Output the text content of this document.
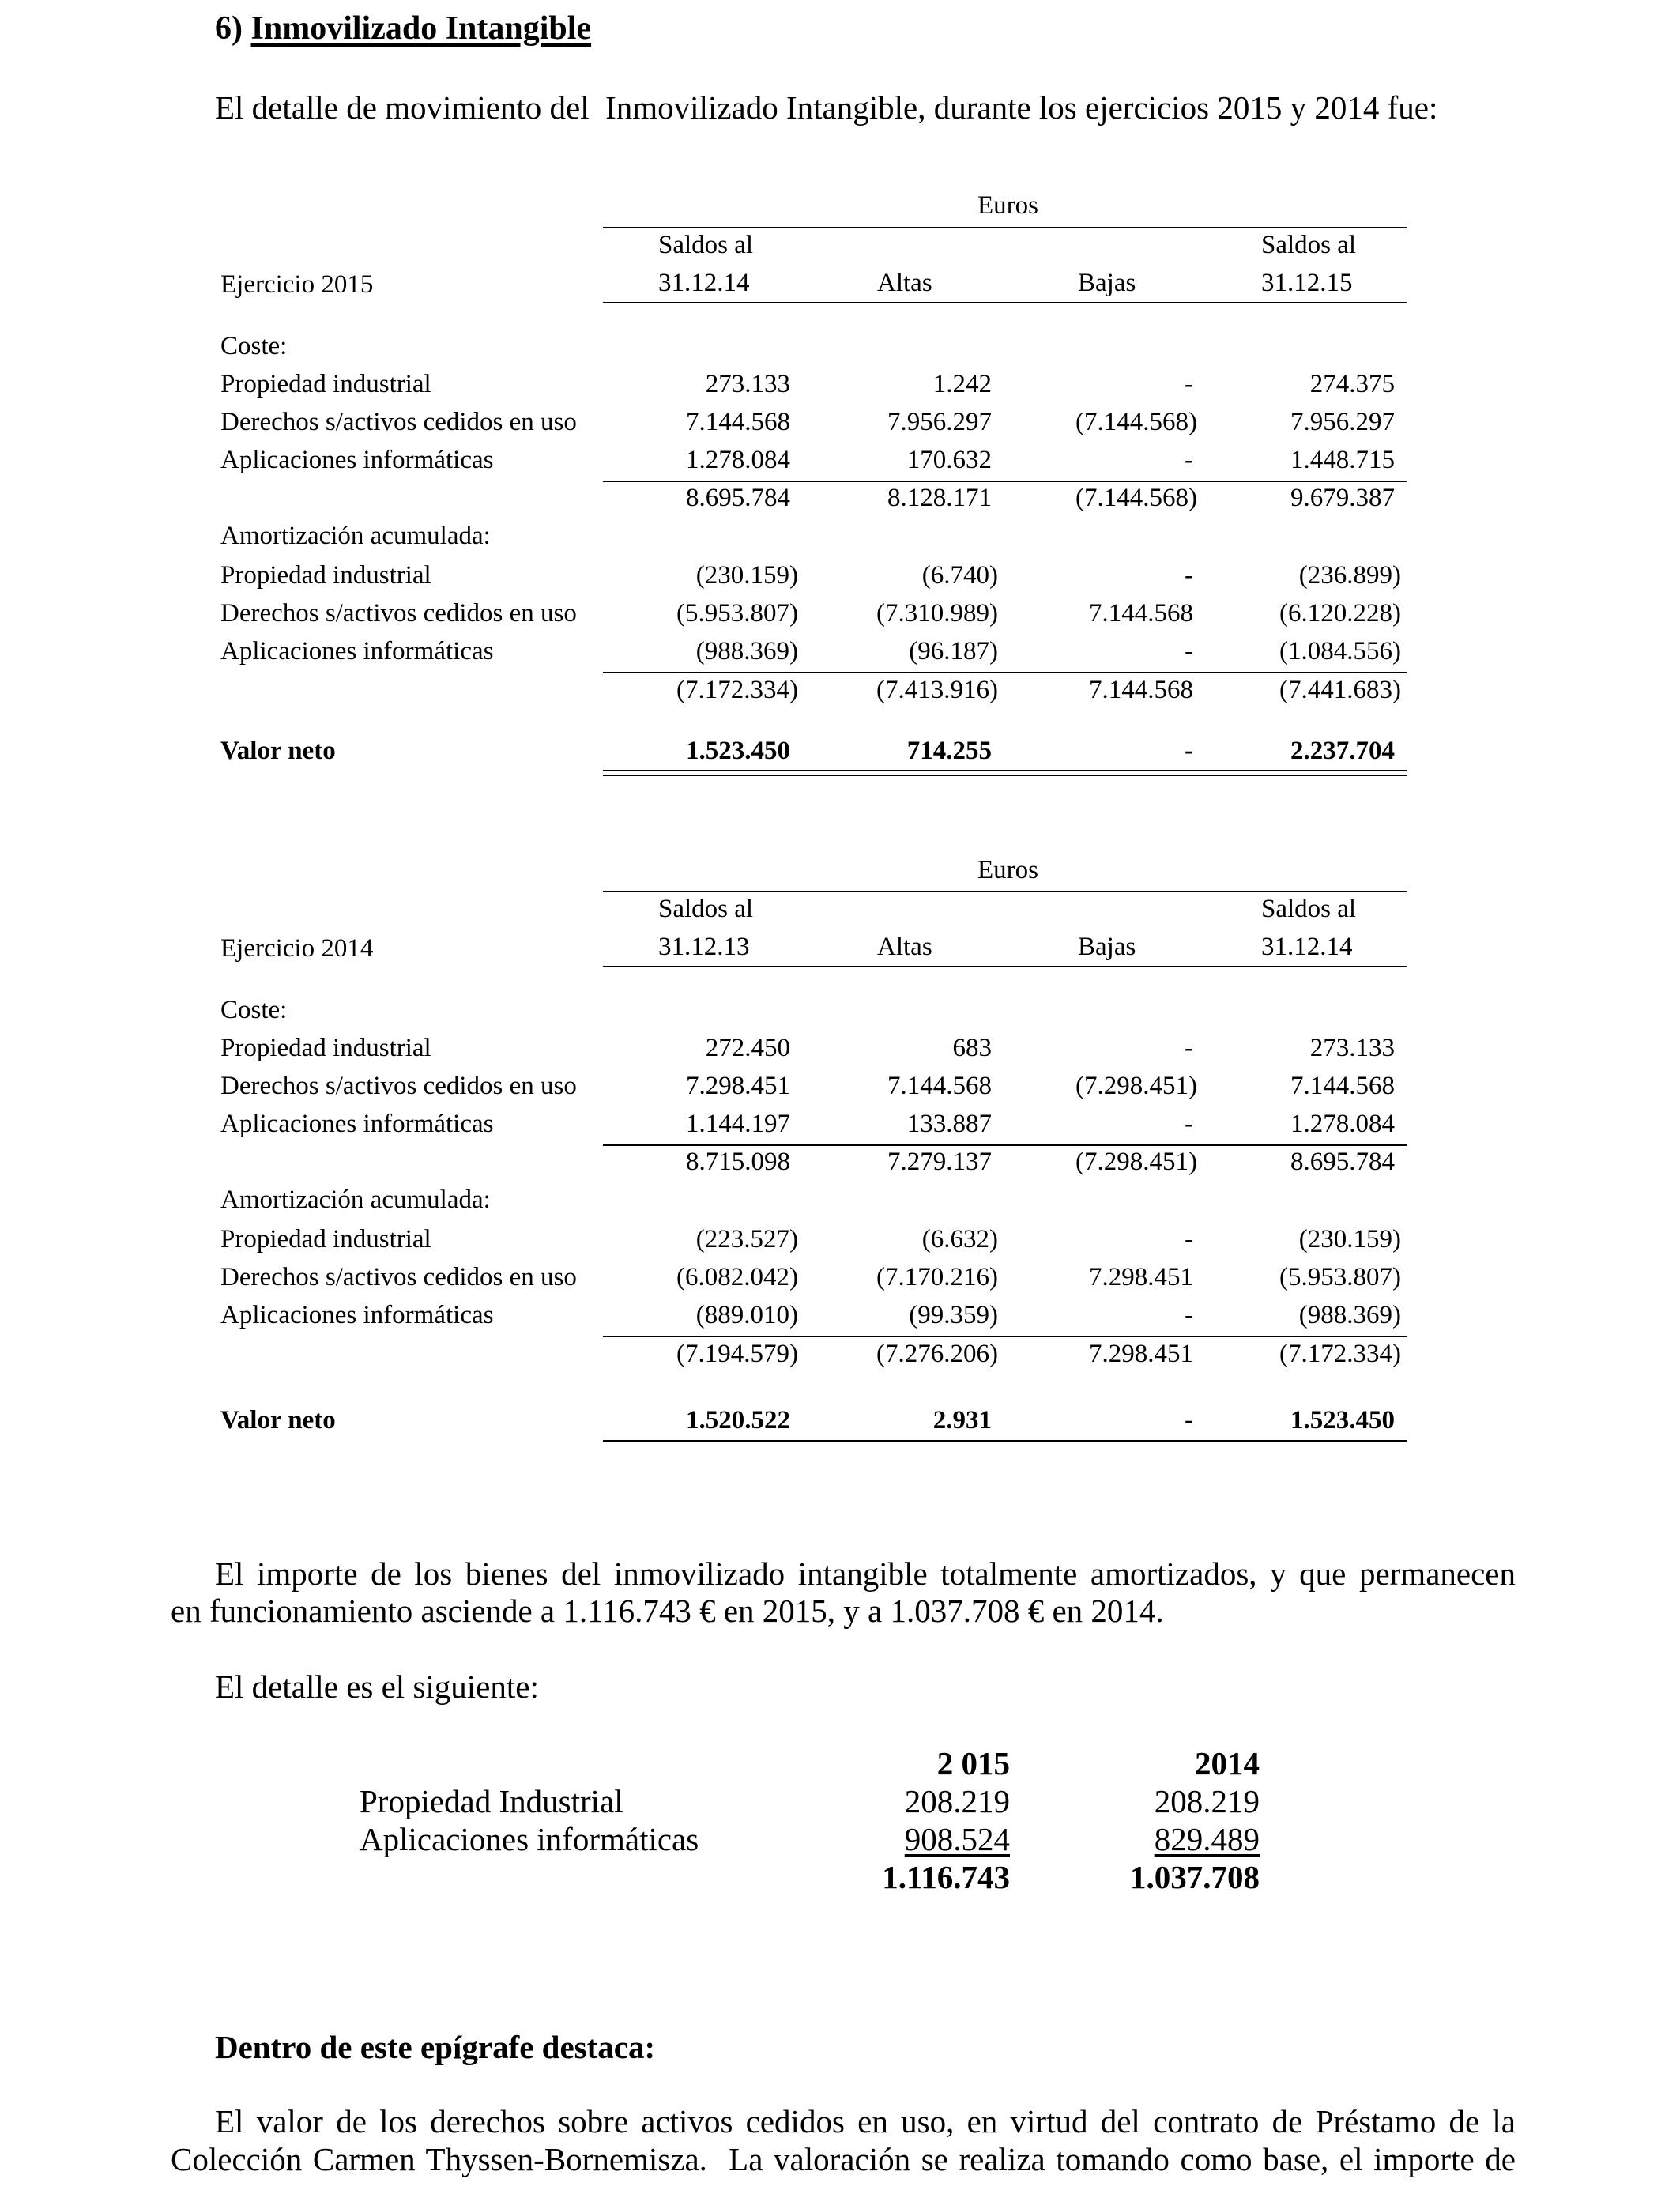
6) Inmovilizado Intangible
El detalle de movimiento del  Inmovilizado Intangible, durante los ejercicios 2015 y 2014 fue:
Euros
Saldos al	Saldos al
Ejercicio 2015	31.12.14	Altas	Bajas	31.12.15
Coste:
Propiedad industrial	273.133	1.242	-	274.375
Derechos s/activos cedidos en uso	7.144.568	7.956.297	(7.144.568)	7.956.297
Aplicaciones informáticas	1.278.084	170.632	-	1.448.715
8.695.784	8.128.171	(7.144.568)	9.679.387
Amortización acumulada:
Propiedad industrial	(230.159)	(6.740)	-	(236.899)
Derechos s/activos cedidos en uso	(5.953.807)	(7.310.989)	7.144.568	(6.120.228)
Aplicaciones informáticas	(988.369)	(96.187)	-	(1.084.556)
(7.172.334)	(7.413.916)	7.144.568	(7.441.683)
Valor neto	1.523.450	714.255	-	2.237.704
Euros
Saldos al	Saldos al
Ejercicio 2014	31.12.13	Altas	Bajas	31.12.14
Coste:
Propiedad industrial	272.450	683	-	273.133
Derechos s/activos cedidos en uso	7.298.451	7.144.568	(7.298.451)	7.144.568
Aplicaciones informáticas	1.144.197	133.887	-	1.278.084
8.715.098	7.279.137	(7.298.451)	8.695.784
Amortización acumulada:
Propiedad industrial	(223.527)	(6.632)	-	(230.159)
Derechos s/activos cedidos en uso	(6.082.042)	(7.170.216)	7.298.451	(5.953.807)
Aplicaciones informáticas	(889.010)	(99.359)	-	(988.369)
(7.194.579)	(7.276.206)	7.298.451	(7.172.334)
Valor neto	1.520.522	2.931	-	1.523.450
El importe de los bienes del inmovilizado intangible totalmente amortizados, y que permanecen
en funcionamiento asciende a 1.116.743 € en 2015, y a 1.037.708 € en 2014.
El detalle es el siguiente:
2 015	2014
Propiedad Industrial	208.219	208.219
Aplicaciones informáticas	908.524	829.489
1.116.743	1.037.708
Dentro de este epígrafe destaca:
El valor de los derechos sobre activos cedidos en uso, en virtud del contrato de Préstamo de la
Colección Carmen Thyssen-Bornemisza.  La valoración se realiza tomando como base, el importe de
